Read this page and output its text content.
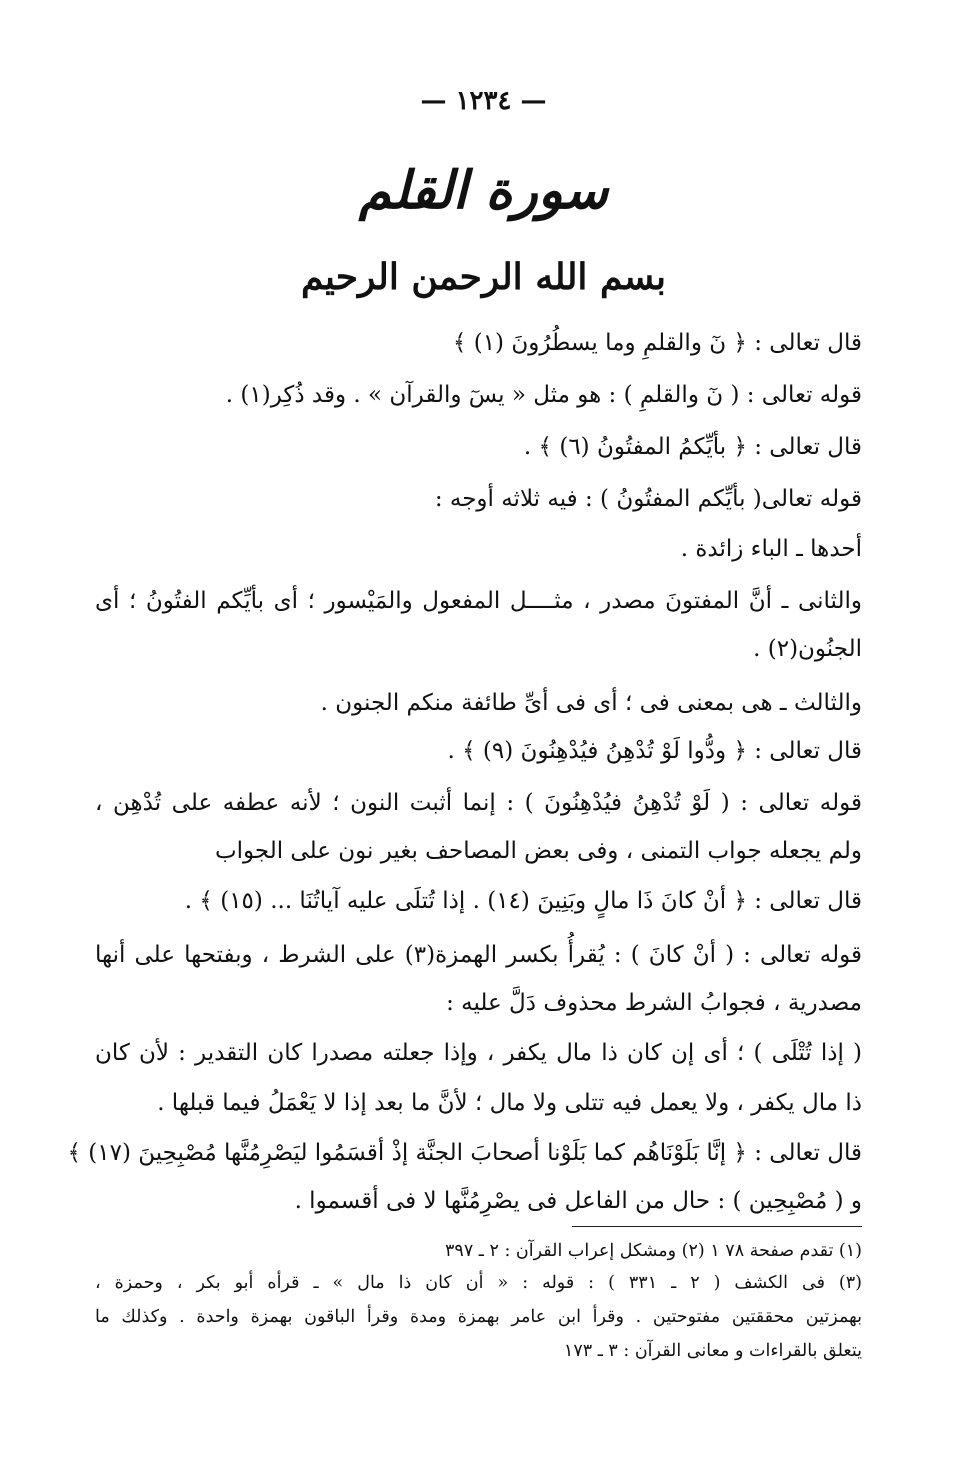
— ١٢٣٤ —
سورة القلم
بسم الله الرحمن الرحيم
قال تعالى : ﴿ نٓ والقلمِ وما يسطُرُونَ (١) ﴾
قوله تعالى : ( نٓ والقلمِ ) : هو مثل « يسٓ والقرآن » . وقد ذُكِر(١) .
قال تعالى : ﴿ بأيِّكمُ المفتُونُ (٦) ﴾ .
قوله تعالى( بأيِّكم المفتُونُ ) : فيه ثلاثه أوجه :
أحدها ـ الباء زائدة .
والثانى ـ أنَّ المفتونَ مصدر ، مثــــل المفعول والمَيْسور ؛ أى بأيِّكم الفتُونُ ؛ أى
الجنُون(٢) .
والثالث ـ هى بمعنى فى ؛ أى فى أىِّ طائفة منكم الجنون .
قال تعالى : ﴿ ودُّوا لَوْ تُدْهِنُ فيُدْهِنُونَ (٩) ﴾ .
قوله تعالى : ( لَوْ تُدْهِنُ فيُدْهِنُونَ ) : إنما أثبت النون ؛ لأنه عطفه على تُدْهِن ،
ولم يجعله جواب التمنى ، وفى بعض المصاحف بغير نون على الجواب
قال تعالى : ﴿ أنْ كانَ ذَا مالٍ وبَنِينَ (١٤) . إذا تُتلَى عليه آياتُنَا ... (١٥) ﴾ .
قوله تعالى : ( أنْ كانَ ) : يُقرأُ بكسر الهمزة(٣) على الشرط ، وبفتحها على أنها
مصدرية ، فجوابُ الشرط محذوف دَلَّ عليه :
( إذا تُتْلَى ) ؛ أى إن كان ذا مال يكفر ، وإذا جعلته مصدرا كان التقدير : لأن كان
ذا مال يكفر ، ولا يعمل فيه تتلى ولا مال ؛ لأنَّ ما بعد إذا لا يَعْمَلُ فيما قبلها .
قال تعالى : ﴿ إنَّا بَلَوْنَاهُم كما بَلَوْنا أصحابَ الجنَّة إذْ أقسَمُوا ليَصْرِمُنَّها مُصْبِحِينَ (١٧) ﴾
و ( مُصْبِحِين ) : حال من الفاعل فى يصْرِمُنَّها لا فى أقسموا .
(١) تقدم صفحة ٧٨ ١ (٢) ومشكل إعراب القرآن : ٢ ـ ٣٩٧
(٣) فى الكشف ( ٢ ـ ٣٣١ ) : قوله : « أن كان ذا مال » ـ قرأه أبو بكر ، وحمزة ،
بهمزتين محققتين مفتوحتين . وقرأ ابن عامر بهمزة ومدة وقرأ الباقون بهمزة واحدة . وكذلك ما
يتعلق بالقراءات و معانى القرآن : ٣ ـ ١٧٣
